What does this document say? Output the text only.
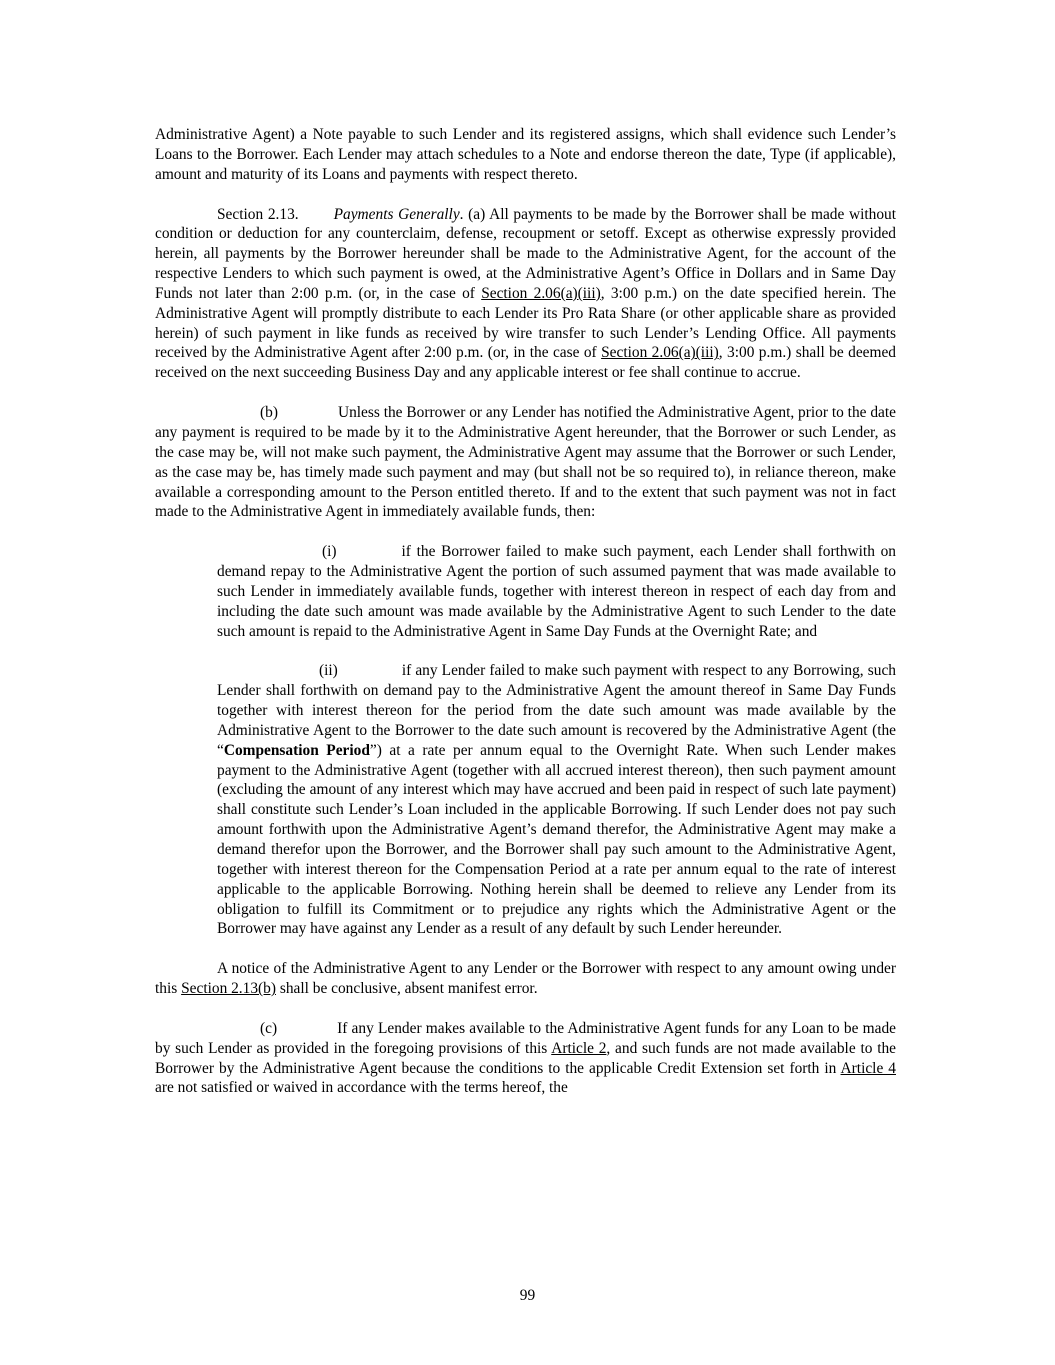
Administrative Agent) a Note payable to such Lender and its registered assigns, which shall evidence such Lender’s Loans to the Borrower. Each Lender may attach schedules to a Note and endorse thereon the date, Type (if applicable), amount and maturity of its Loans and payments with respect thereto.

Section 2.13. Payments Generally. (a) All payments to be made by the Borrower shall be made without condition or deduction for any counterclaim, defense, recoupment or setoff. Except as otherwise expressly provided herein, all payments by the Borrower hereunder shall be made to the Administrative Agent, for the account of the respective Lenders to which such payment is owed, at the Administrative Agent’s Office in Dollars and in Same Day Funds not later than 2:00 p.m. (or, in the case of Section 2.06(a)(iii), 3:00 p.m.) on the date specified herein. The Administrative Agent will promptly distribute to each Lender its Pro Rata Share (or other applicable share as provided herein) of such payment in like funds as received by wire transfer to such Lender’s Lending Office. All payments received by the Administrative Agent after 2:00 p.m. (or, in the case of Section 2.06(a)(iii), 3:00 p.m.) shall be deemed received on the next succeeding Business Day and any applicable interest or fee shall continue to accrue.

(b)	Unless the Borrower or any Lender has notified the Administrative Agent, prior to the date any payment is required to be made by it to the Administrative Agent hereunder, that the Borrower or such Lender, as the case may be, will not make such payment, the Administrative Agent may assume that the Borrower or such Lender, as the case may be, has timely made such payment and may (but shall not be so required to), in reliance thereon, make available a corresponding amount to the Person entitled thereto. If and to the extent that such payment was not in fact made to the Administrative Agent in immediately available funds, then:

(i)	if the Borrower failed to make such payment, each Lender shall forthwith on demand repay to the Administrative Agent the portion of such assumed payment that was made available to such Lender in immediately available funds, together with interest thereon in respect of each day from and including the date such amount was made available by the Administrative Agent to such Lender to the date such amount is repaid to the Administrative Agent in Same Day Funds at the Overnight Rate; and

(ii)	if any Lender failed to make such payment with respect to any Borrowing, such Lender shall forthwith on demand pay to the Administrative Agent the amount thereof in Same Day Funds together with interest thereon for the period from the date such amount was made available by the Administrative Agent to the Borrower to the date such amount is recovered by the Administrative Agent (the “Compensation Period”) at a rate per annum equal to the Overnight Rate. When such Lender makes payment to the Administrative Agent (together with all accrued interest thereon), then such payment amount (excluding the amount of any interest which may have accrued and been paid in respect of such late payment) shall constitute such Lender’s Loan included in the applicable Borrowing. If such Lender does not pay such amount forthwith upon the Administrative Agent’s demand therefor, the Administrative Agent may make a demand therefor upon the Borrower, and the Borrower shall pay such amount to the Administrative Agent, together with interest thereon for the Compensation Period at a rate per annum equal to the rate of interest applicable to the applicable Borrowing. Nothing herein shall be deemed to relieve any Lender from its obligation to fulfill its Commitment or to prejudice any rights which the Administrative Agent or the Borrower may have against any Lender as a result of any default by such Lender hereunder.

A notice of the Administrative Agent to any Lender or the Borrower with respect to any amount owing under this Section 2.13(b) shall be conclusive, absent manifest error.

(c)	If any Lender makes available to the Administrative Agent funds for any Loan to be made by such Lender as provided in the foregoing provisions of this Article 2, and such funds are not made available to the Borrower by the Administrative Agent because the conditions to the applicable Credit Extension set forth in Article 4 are not satisfied or waived in accordance with the terms hereof, the

99
